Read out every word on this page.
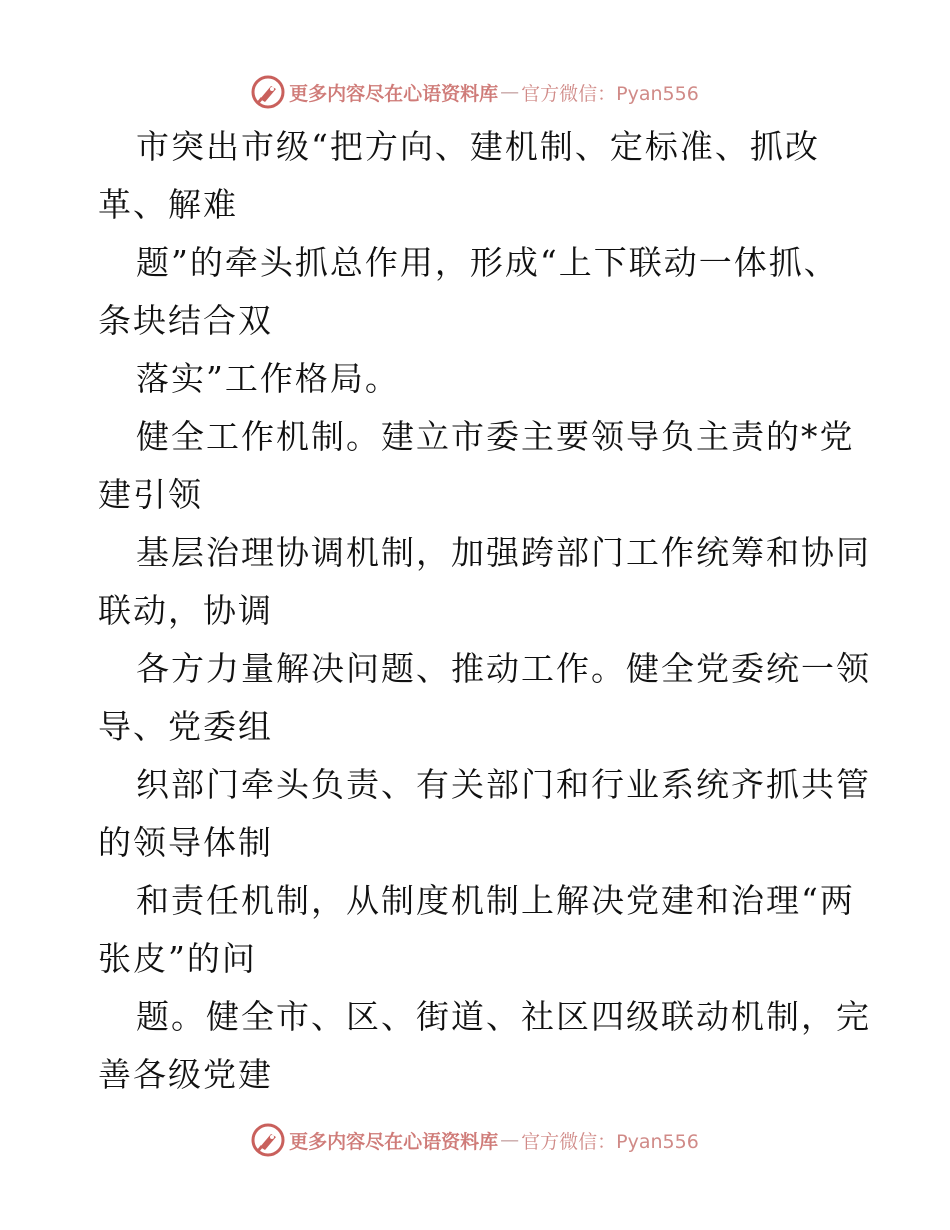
更多内容尽在心语资料库 — 官方微信：Pyan556
市突出市级“把方向、建机制、定标准、抓改
革、解难
题”的牵头抓总作用，形成“上下联动一体抓、
条块结合双
落实”工作格局。
健全工作机制。建立市委主要领导负主责的*党
建引领
基层治理协调机制，加强跨部门工作统筹和协同
联动，协调
各方力量解决问题、推动工作。健全党委统一领
导、党委组
织部门牵头负责、有关部门和行业系统齐抓共管
的领导体制
和责任机制，从制度机制上解决党建和治理“两
张皮”的问
题。健全市、区、街道、社区四级联动机制，完
善各级党建
更多内容尽在心语资料库 — 官方微信：Pyan556
